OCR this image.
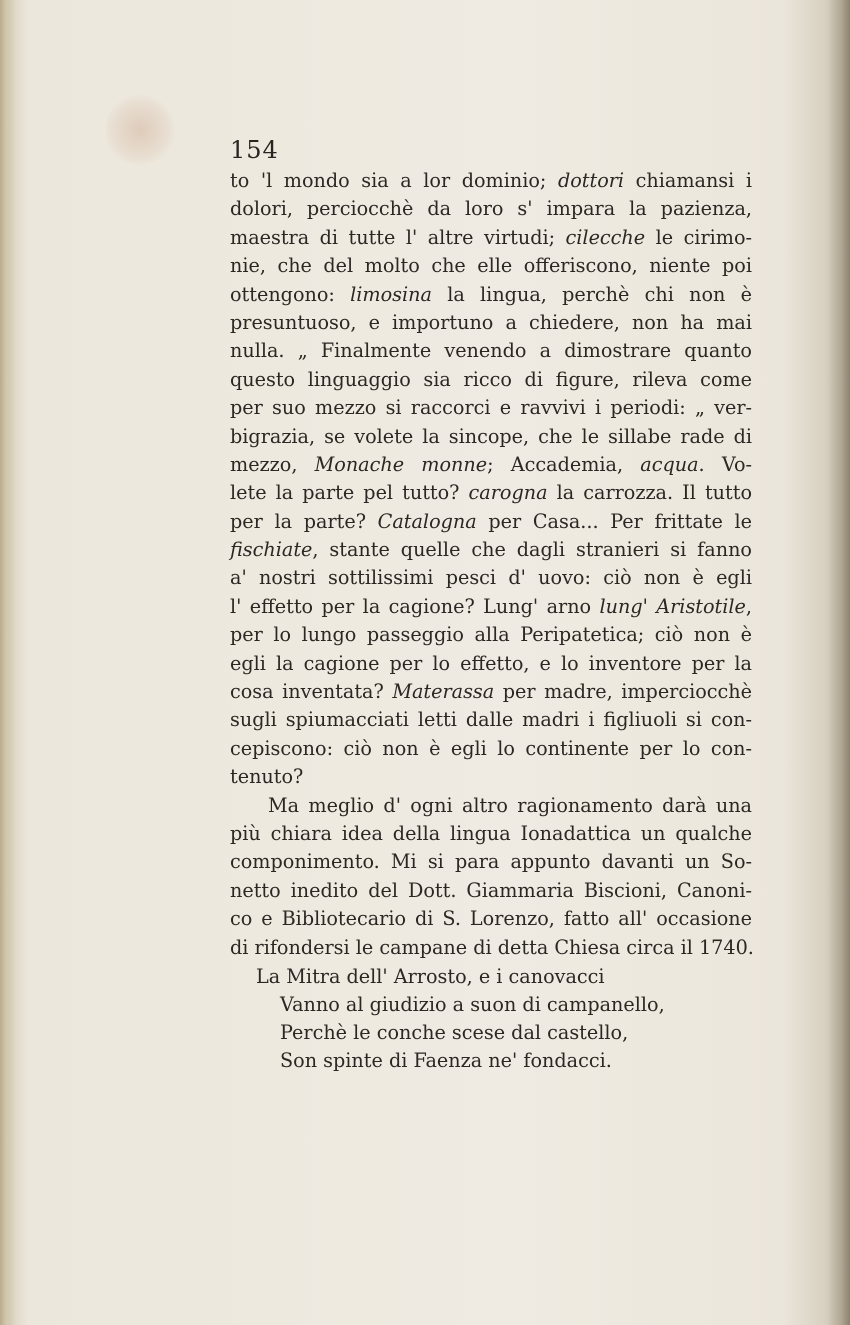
154
to 'l mondo sia a lor dominio; dottori chiamansi i
dolori, perciocchè da loro s' impara la pazienza,
maestra di tutte l' altre virtudi; cilecche le cirimo-
nie, che del molto che elle offeriscono, niente poi
ottengono: limosina la lingua, perchè chi non è
presuntuoso, e importuno a chiedere, non ha mai
nulla. „ Finalmente venendo a dimostrare quanto
questo linguaggio sia ricco di figure, rileva come
per suo mezzo si raccorci e ravvivi i periodi: „ ver-
bigrazia, se volete la sincope, che le sillabe rade di
mezzo, Monache monne; Accademia, acqua. Vo-
lete la parte pel tutto? carogna la carrozza. Il tutto
per la parte? Catalogna per Casa... Per frittate le
fischiate, stante quelle che dagli stranieri si fanno
a' nostri sottilissimi pesci d' uovo: ciò non è egli
l' effetto per la cagione? Lung' arno lung' Aristotile,
per lo lungo passeggio alla Peripatetica; ciò non è
egli la cagione per lo effetto, e lo inventore per la
cosa inventata? Materassa per madre, imperciocchè
sugli spiumacciati letti dalle madri i figliuoli si con-
cepiscono: ciò non è egli lo continente per lo con-
tenuto?
Ma meglio d' ogni altro ragionamento darà una
più chiara idea della lingua Ionadattica un qualche
componimento. Mi si para appunto davanti un So-
netto inedito del Dott. Giammaria Biscioni, Canoni-
co e Bibliotecario di S. Lorenzo, fatto all' occasione
di rifondersi le campane di detta Chiesa circa il 1740.
La Mitra dell' Arrosto, e i canovacci
Vanno al giudizio a suon di campanello,
Perchè le conche scese dal castello,
Son spinte di Faenza ne' fondacci.
